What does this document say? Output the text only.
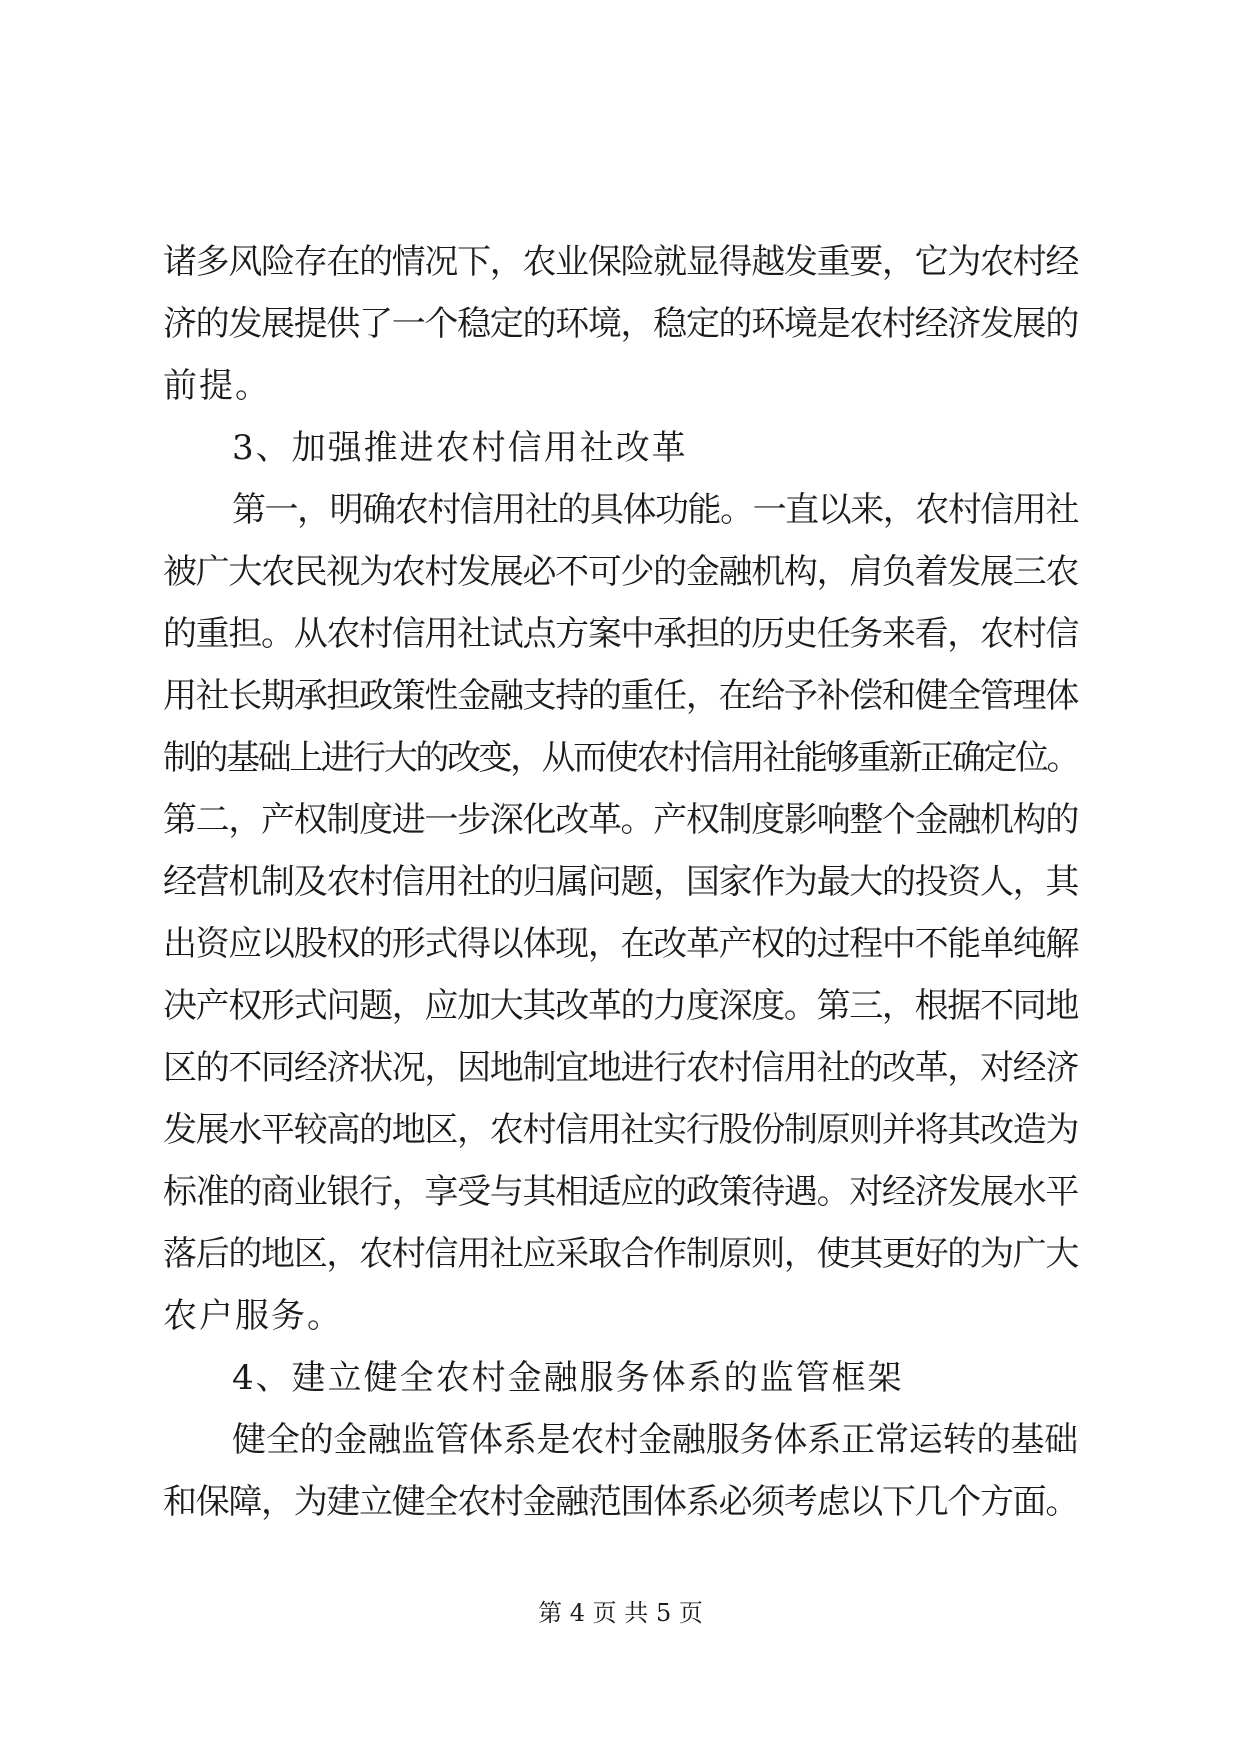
诸多风险存在的情况下，农业保险就显得越发重要，它为农村经

济的发展提供了一个稳定的环境，稳定的环境是农村经济发展的

前提。

3、加强推进农村信用社改革

第一，明确农村信用社的具体功能。一直以来，农村信用社

被广大农民视为农村发展必不可少的金融机构，肩负着发展三农

的重担。从农村信用社试点方案中承担的历史任务来看，农村信

用社长期承担政策性金融支持的重任，在给予补偿和健全管理体

制的基础上进行大的改变，从而使农村信用社能够重新正确定位。

第二，产权制度进一步深化改革。产权制度影响整个金融机构的

经营机制及农村信用社的归属问题，国家作为最大的投资人，其

出资应以股权的形式得以体现，在改革产权的过程中不能单纯解

决产权形式问题，应加大其改革的力度深度。第三，根据不同地

区的不同经济状况，因地制宜地进行农村信用社的改革，对经济

发展水平较高的地区，农村信用社实行股份制原则并将其改造为

标准的商业银行，享受与其相适应的政策待遇。对经济发展水平

落后的地区，农村信用社应采取合作制原则，使其更好的为广大

农户服务。

4、建立健全农村金融服务体系的监管框架

健全的金融监管体系是农村金融服务体系正常运转的基础

和保障，为建立健全农村金融范围体系必须考虑以下几个方面。

第 4 页 共 5 页
